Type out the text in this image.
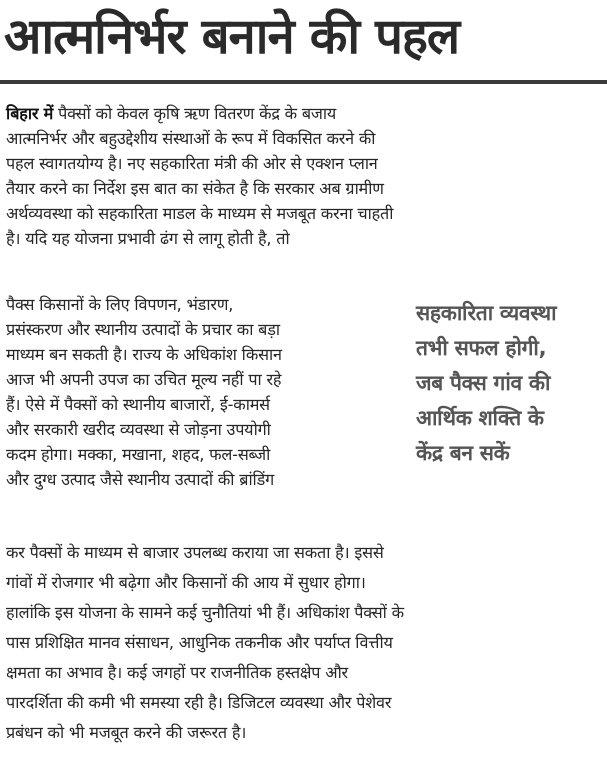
आत्मनिर्भर बनाने की पहल
बिहार में पैक्सों को केवल कृषि ऋण वितरण केंद्र के बजाय
आत्मनिर्भर और बहुउद्देशीय संस्थाओं के रूप में विकसित करने की
पहल स्वागतयोग्य है। नए सहकारिता मंत्री की ओर से एक्शन प्लान
तैयार करने का निर्देश इस बात का संकेत है कि सरकार अब ग्रामीण
अर्थव्यवस्था को सहकारिता माडल के माध्यम से मजबूत करना चाहती
है। यदि यह योजना प्रभावी ढंग से लागू होती है, तो
पैक्स किसानों के लिए विपणन, भंडारण,
प्रसंस्करण और स्थानीय उत्पादों के प्रचार का बड़ा
माध्यम बन सकती है। राज्य के अधिकांश किसान
आज भी अपनी उपज का उचित मूल्य नहीं पा रहे
हैं। ऐसे में पैक्सों को स्थानीय बाजारों, ई-कामर्स
और सरकारी खरीद व्यवस्था से जोड़ना उपयोगी
कदम होगा। मक्का, मखाना, शहद, फल-सब्जी
और दुग्ध उत्पाद जैसे स्थानीय उत्पादों की ब्रांडिंग
सहकारिता व्यवस्था
तभी सफल होगी,
जब पैक्स गांव की
आर्थिक शक्ति के
केंद्र बन सकें
कर पैक्सों के माध्यम से बाजार उपलब्ध कराया जा सकता है। इससे
गांवों में रोजगार भी बढ़ेगा और किसानों की आय में सुधार होगा।
हालांकि इस योजना के सामने कई चुनौतियां भी हैं। अधिकांश पैक्सों के
पास प्रशिक्षित मानव संसाधन, आधुनिक तकनीक और पर्याप्त वित्तीय
क्षमता का अभाव है। कई जगहों पर राजनीतिक हस्तक्षेप और
पारदर्शिता की कमी भी समस्या रही है। डिजिटल व्यवस्था और पेशेवर
प्रबंधन को भी मजबूत करने की जरूरत है।
